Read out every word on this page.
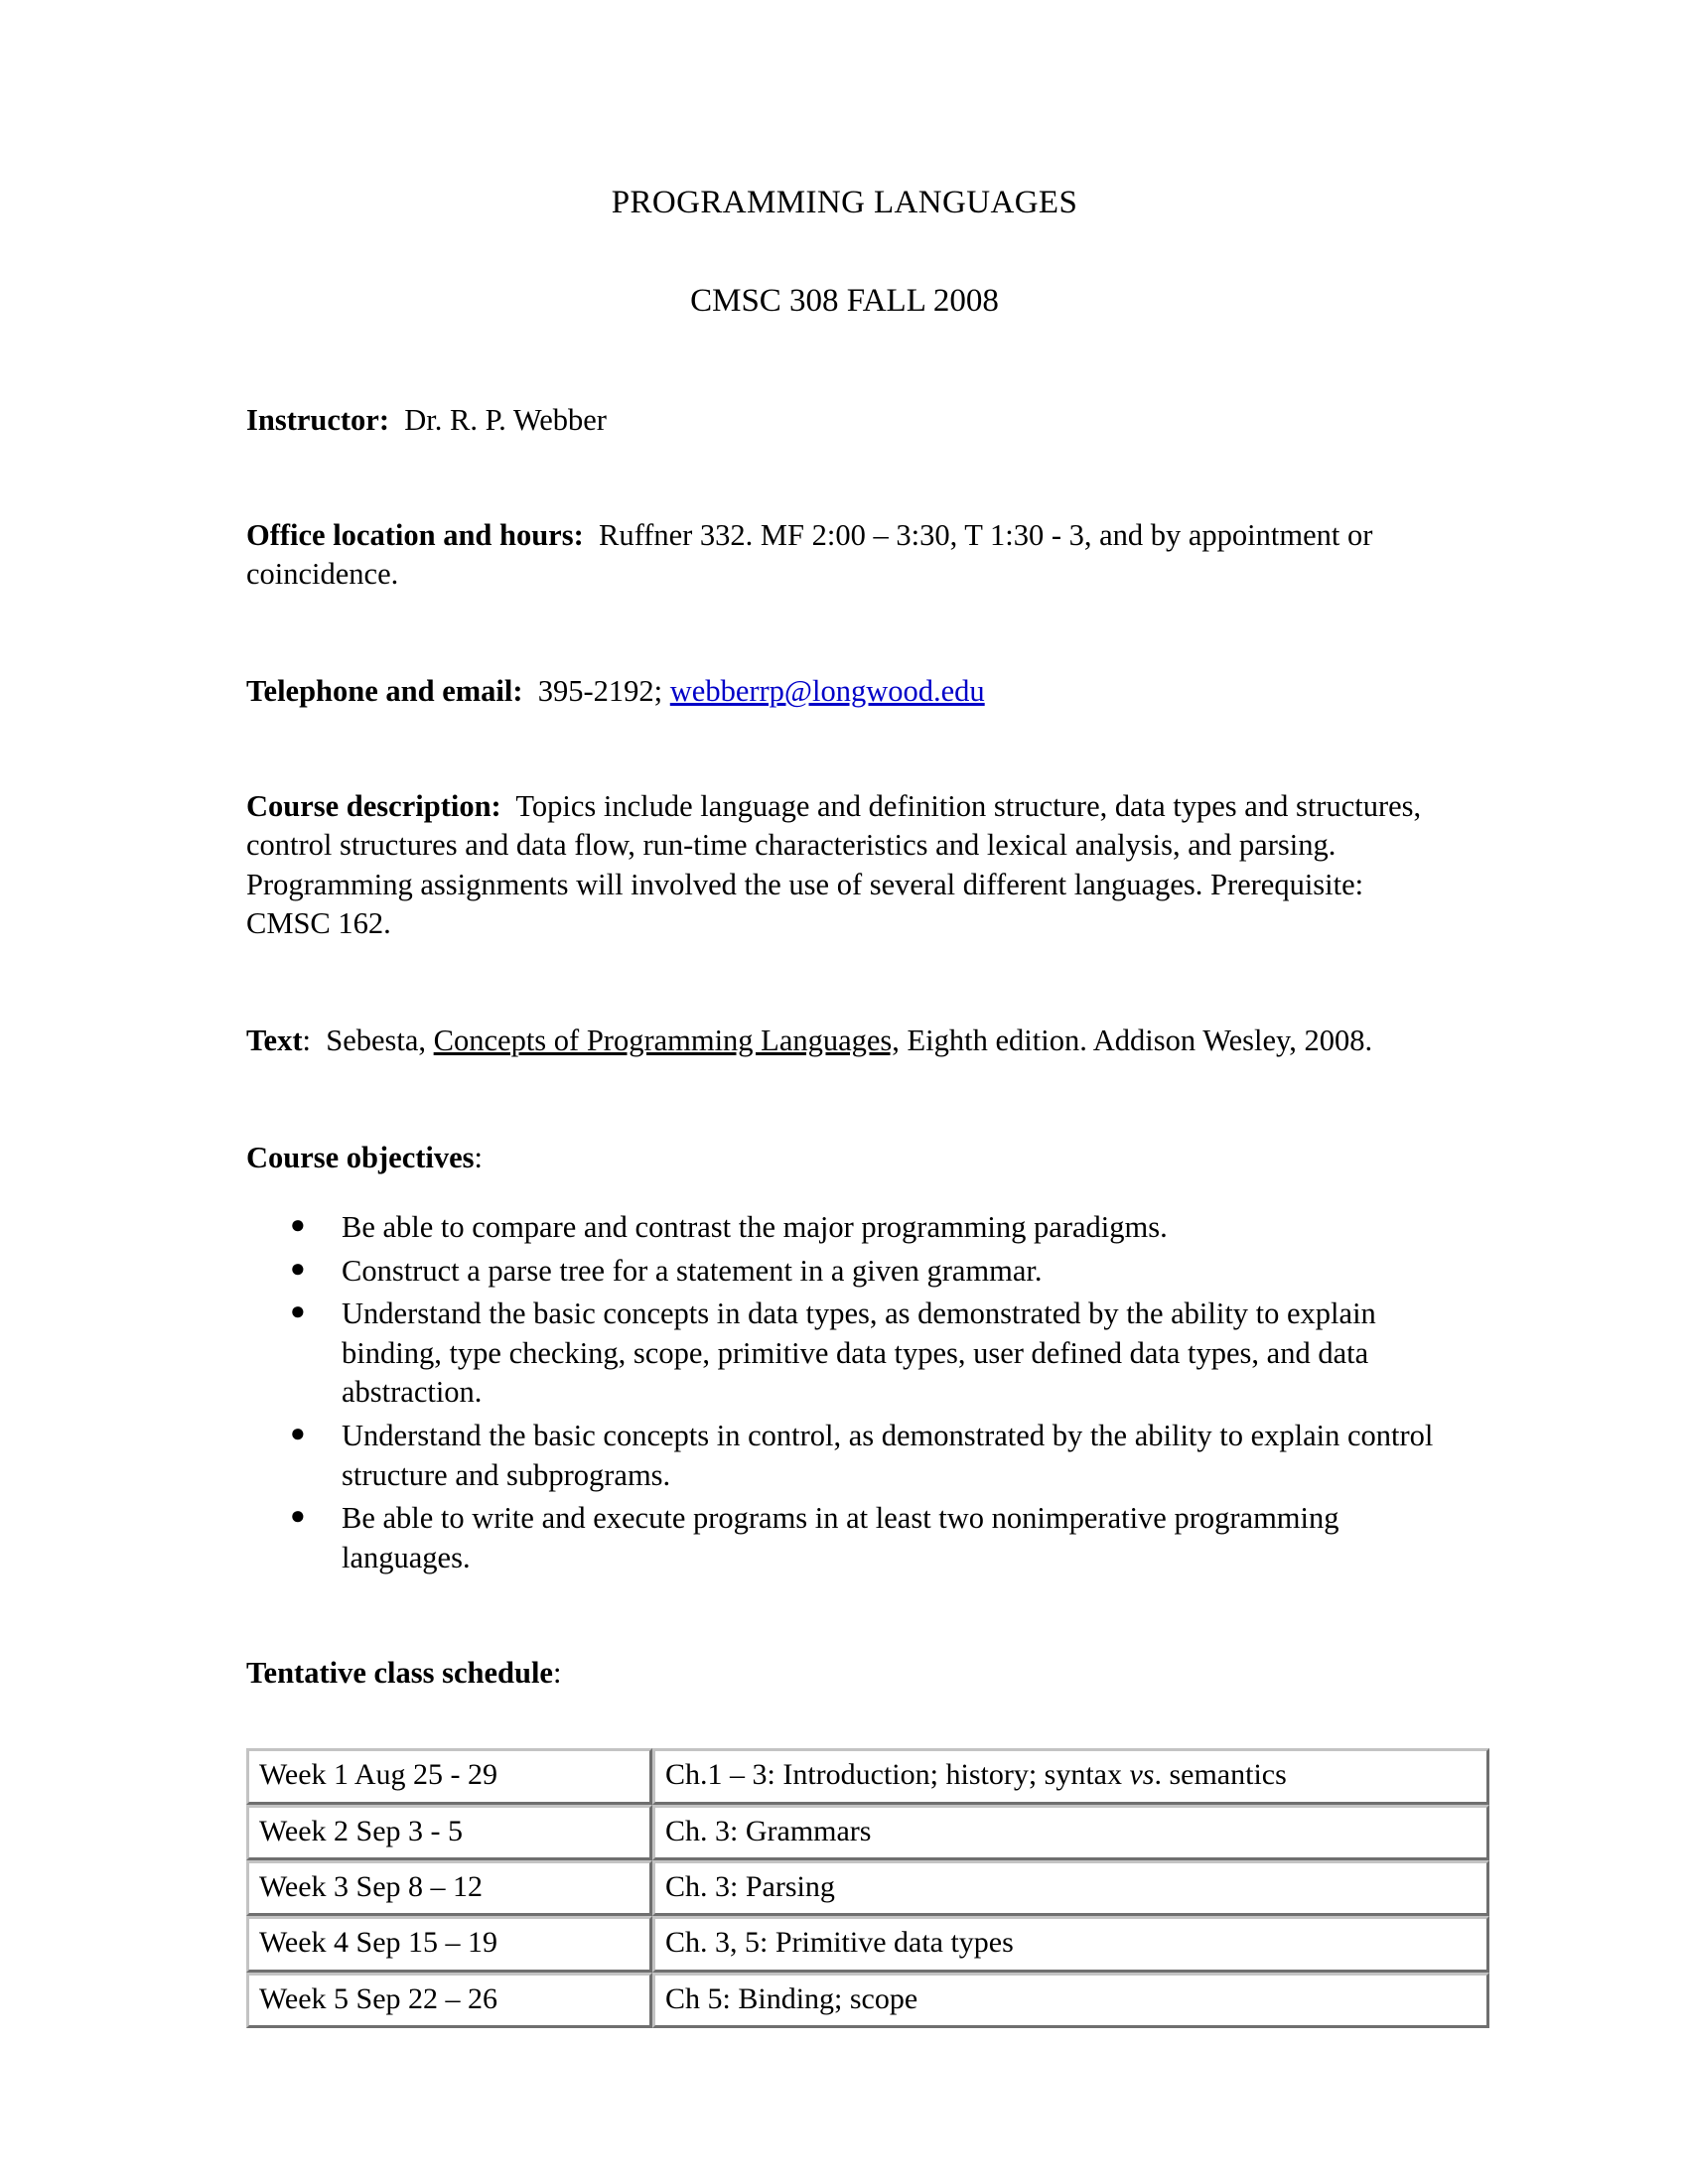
PROGRAMMING LANGUAGES
CMSC 308 FALL 2008

Instructor: Dr. R. P. Webber

Office location and hours: Ruffner 332. MF 2:00 – 3:30, T 1:30 - 3, and by appointment or coincidence.

Telephone and email: 395-2192; webberrp@longwood.edu

Course description: Topics include language and definition structure, data types and structures, control structures and data flow, run-time characteristics and lexical analysis, and parsing. Programming assignments will involved the use of several different languages. Prerequisite: CMSC 162.

Text: Sebesta, Concepts of Programming Languages, Eighth edition. Addison Wesley, 2008.

Course objectives:

● Be able to compare and contrast the major programming paradigms.
● Construct a parse tree for a statement in a given grammar.
● Understand the basic concepts in data types, as demonstrated by the ability to explain binding, type checking, scope, primitive data types, user defined data types, and data abstraction.
● Understand the basic concepts in control, as demonstrated by the ability to explain control structure and subprograms.
● Be able to write and execute programs in at least two nonimperative programming languages.

Tentative class schedule:

Week 1 Aug 25 - 29	Ch.1 – 3: Introduction; history; syntax vs. semantics
Week 2 Sep 3 - 5	Ch. 3: Grammars
Week 3 Sep 8 – 12	Ch. 3: Parsing
Week 4 Sep 15 – 19	Ch. 3, 5: Primitive data types
Week 5 Sep 22 – 26	Ch 5: Binding; scope
